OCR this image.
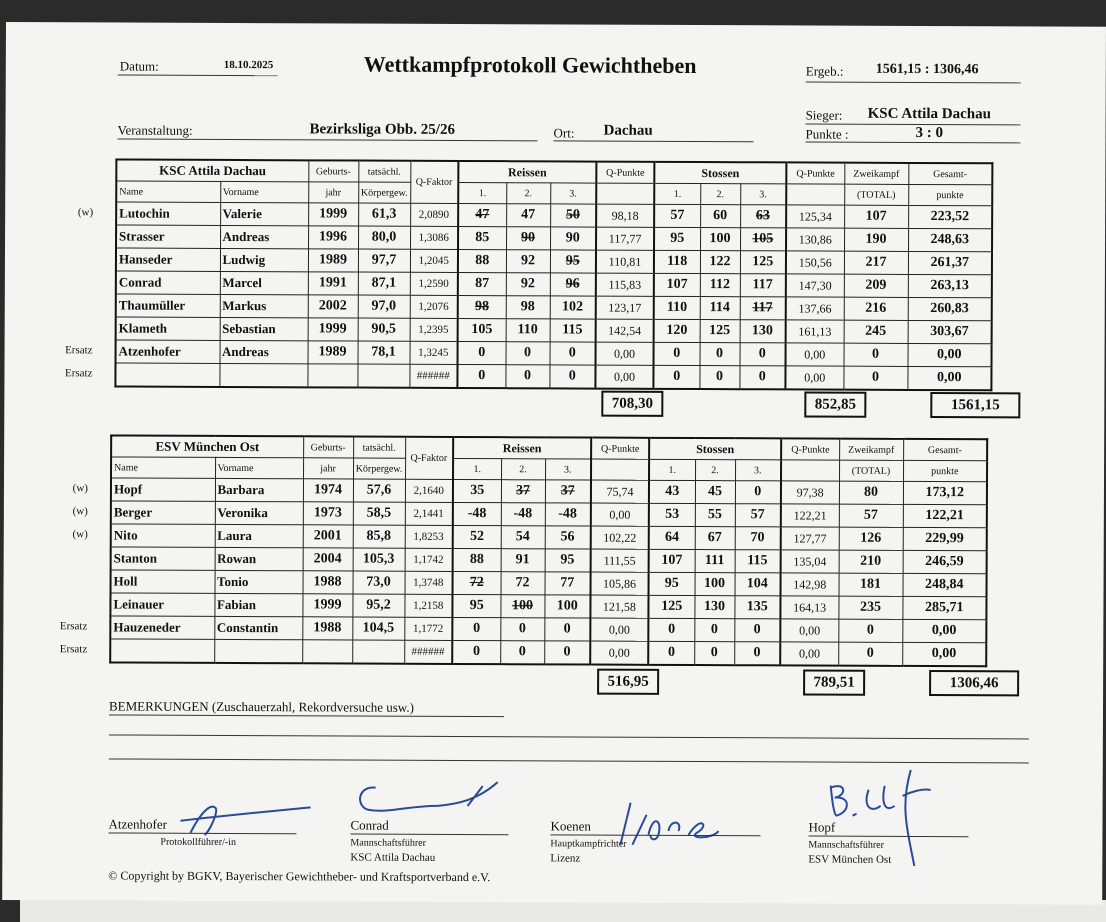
Datum:	18.10.2025	Wettkampfprotokoll Gewichtheben	Ergeb.: 1561,15 : 1306,46
Sieger: KSC Attila Dachau
Punkte :	3 : 0
Veranstaltung:	Bezirksliga Obb. 25/26	Ort: Dachau
(w)
Ersatz
Ersatz
KSC Attila Dachau		Geburts-	tatsächl.	Q-Faktor	Reissen			Q-Punkte	Stossen			Q-Punkte	Zweikampf	Gesamt-
Name	Vorname	jahr	Körpergew.		1.	2.	3.		1.	2.	3.		(TOTAL)	punkte
Lutochin	Valerie	1999	61,3	2,0890	47	47	50	98,18	57	60	63	125,34	107	223,52
Strasser	Andreas	1996	80,0	1,3086	85	90	90	117,77	95	100	105	130,86	190	248,63
Hanseder	Ludwig	1989	97,7	1,2045	88	92	95	110,81	118	122	125	150,56	217	261,37
Conrad	Marcel	1991	87,1	1,2590	87	92	96	115,83	107	112	117	147,30	209	263,13
Thaumüller	Markus	2002	97,0	1,2076	98	98	102	123,17	110	114	117	137,66	216	260,83
Klameth	Sebastian	1999	90,5	1,2395	105	110	115	142,54	120	125	130	161,13	245	303,67
Atzenhofer	Andreas	1989	78,1	1,3245	0	0	0	0,00	0	0	0	0,00	0	0,00
				######	0	0	0	0,00	0	0	0	0,00	0	0,00
708,30	852,85	1561,15
(w)
(w)
(w)
Ersatz
Ersatz
ESV München Ost		Geburts-	tatsächl.	Q-Faktor	Reissen			Q-Punkte	Stossen			Q-Punkte	Zweikampf	Gesamt-
Name	Vorname	jahr	Körpergew.		1.	2.	3.		1.	2.	3.		(TOTAL)	punkte
Hopf	Barbara	1974	57,6	2,1640	35	37	37	75,74	43	45	0	97,38	80	173,12
Berger	Veronika	1973	58,5	2,1441	-48	-48	-48	0,00	53	55	57	122,21	57	122,21
Nito	Laura	2001	85,8	1,8253	52	54	56	102,22	64	67	70	127,77	126	229,99
Stanton	Rowan	2004	105,3	1,1742	88	91	95	111,55	107	111	115	135,04	210	246,59
Holl	Tonio	1988	73,0	1,3748	72	72	77	105,86	95	100	104	142,98	181	248,84
Leinauer	Fabian	1999	95,2	1,2158	95	100	100	121,58	125	130	135	164,13	235	285,71
Hauzeneder	Constantin	1988	104,5	1,1772	0	0	0	0,00	0	0	0	0,00	0	0,00
				######	0	0	0	0,00	0	0	0	0,00	0	0,00
516,95	789,51	1306,46
BEMERKUNGEN (Zuschauerzahl, Rekordversuche usw.)
Atzenhofer
Protokollführer/-in
Conrad
Mannschaftsführer
KSC Attila Dachau
Koenen
Hauptkampfrichter
Lizenz
Hopf
Mannschaftsführer
ESV München Ost
© Copyright by BGKV, Bayerischer Gewichtheber- und Kraftsportverband e.V.
